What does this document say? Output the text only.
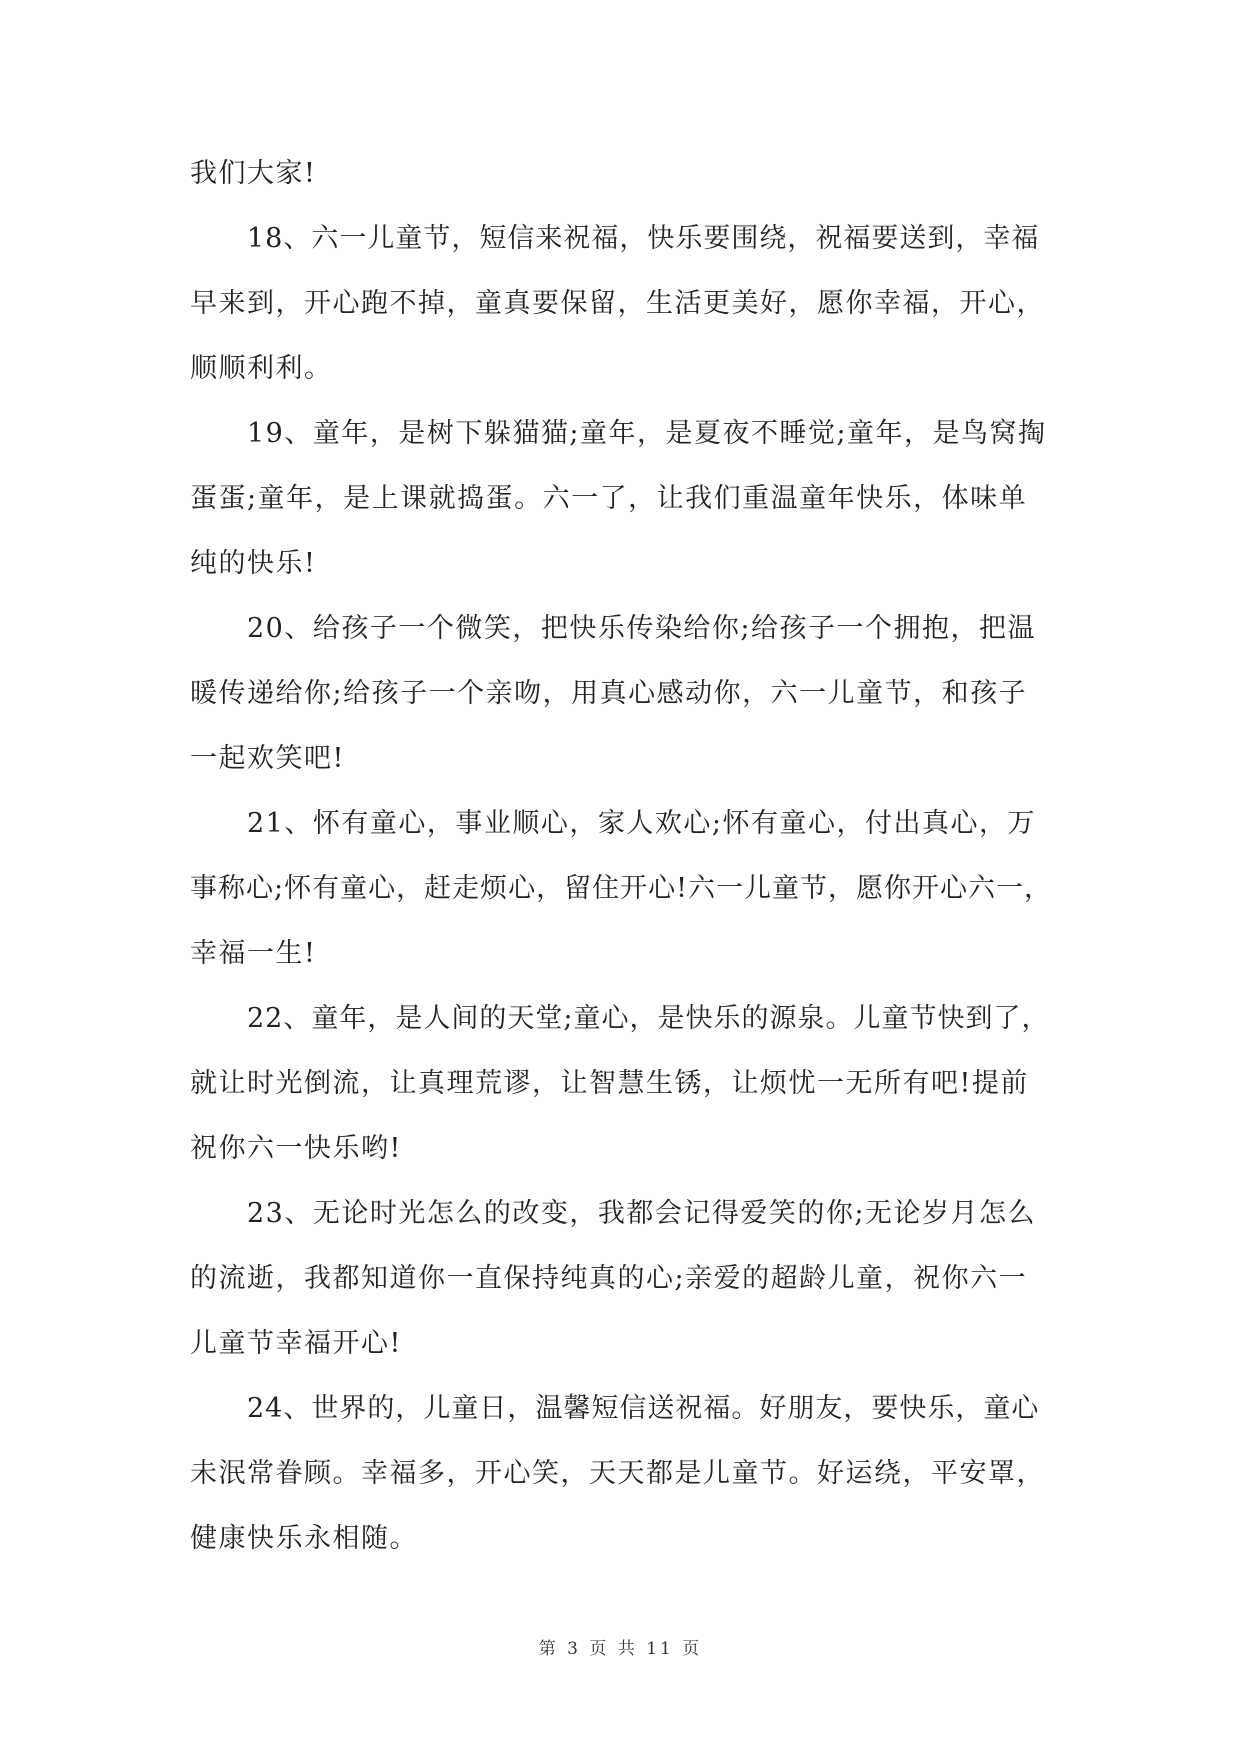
我们大家!
18、六一儿童节，短信来祝福，快乐要围绕，祝福要送到，幸福
早来到，开心跑不掉，童真要保留，生活更美好，愿你幸福，开心，
顺顺利利。
19、童年，是树下躲猫猫;童年，是夏夜不睡觉;童年，是鸟窝掏
蛋蛋;童年，是上课就捣蛋。六一了，让我们重温童年快乐，体味单
纯的快乐!
20、给孩子一个微笑，把快乐传染给你;给孩子一个拥抱，把温
暖传递给你;给孩子一个亲吻，用真心感动你，六一儿童节，和孩子
一起欢笑吧!
21、怀有童心，事业顺心，家人欢心;怀有童心，付出真心，万
事称心;怀有童心，赶走烦心，留住开心!六一儿童节，愿你开心六一，
幸福一生!
22、童年，是人间的天堂;童心，是快乐的源泉。儿童节快到了，
就让时光倒流，让真理荒谬，让智慧生锈，让烦忧一无所有吧!提前
祝你六一快乐哟!
23、无论时光怎么的改变，我都会记得爱笑的你;无论岁月怎么
的流逝，我都知道你一直保持纯真的心;亲爱的超龄儿童，祝你六一
儿童节幸福开心!
24、世界的，儿童日，温馨短信送祝福。好朋友，要快乐，童心
未泯常眷顾。幸福多，开心笑，天天都是儿童节。好运绕，平安罩，
健康快乐永相随。
第 3 页 共 11 页
